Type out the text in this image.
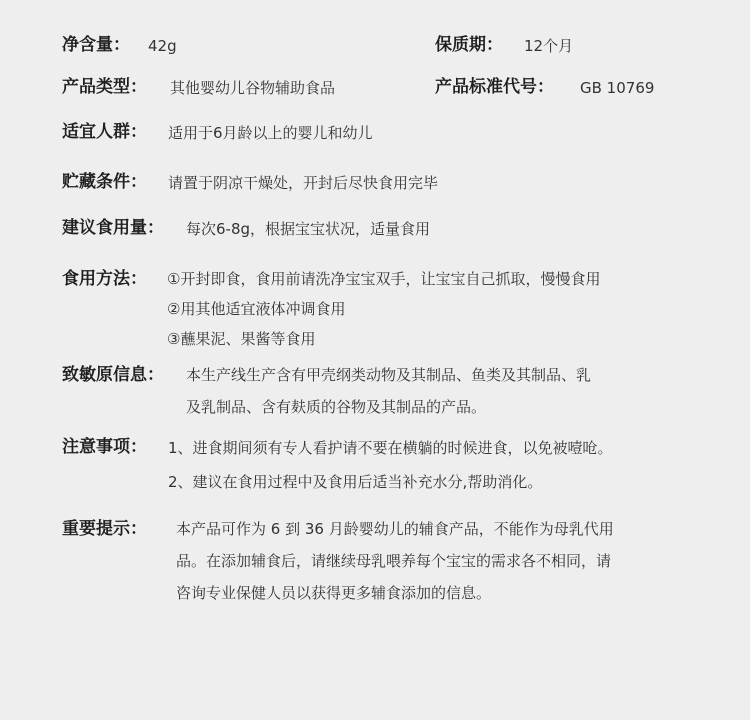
净含量： 42g	保质期： 12个月
产品类型： 其他婴幼儿谷物辅助食品	产品标准代号： GB 10769
适宜人群： 适用于6月龄以上的婴儿和幼儿
贮藏条件： 请置于阴凉干燥处，开封后尽快食用完毕
建议食用量： 每次6-8g，根据宝宝状况，适量食用
食用方法： ①开封即食，食用前请洗净宝宝双手，让宝宝自己抓取，慢慢食用
②用其他适宜液体冲调食用
③蘸果泥、果酱等食用
致敏原信息： 本生产线生产含有甲壳纲类动物及其制品、鱼类及其制品、乳
及乳制品、含有麸质的谷物及其制品的产品。
注意事项： 1、进食期间须有专人看护请不要在横躺的时候进食，以免被噎呛。
2、建议在食用过程中及食用后适当补充水分,帮助消化。
重要提示： 本产品可作为 6 到 36 月龄婴幼儿的辅食产品，不能作为母乳代用
品。在添加辅食后，请继续母乳喂养每个宝宝的需求各不相同，请
咨询专业保健人员以获得更多辅食添加的信息。
